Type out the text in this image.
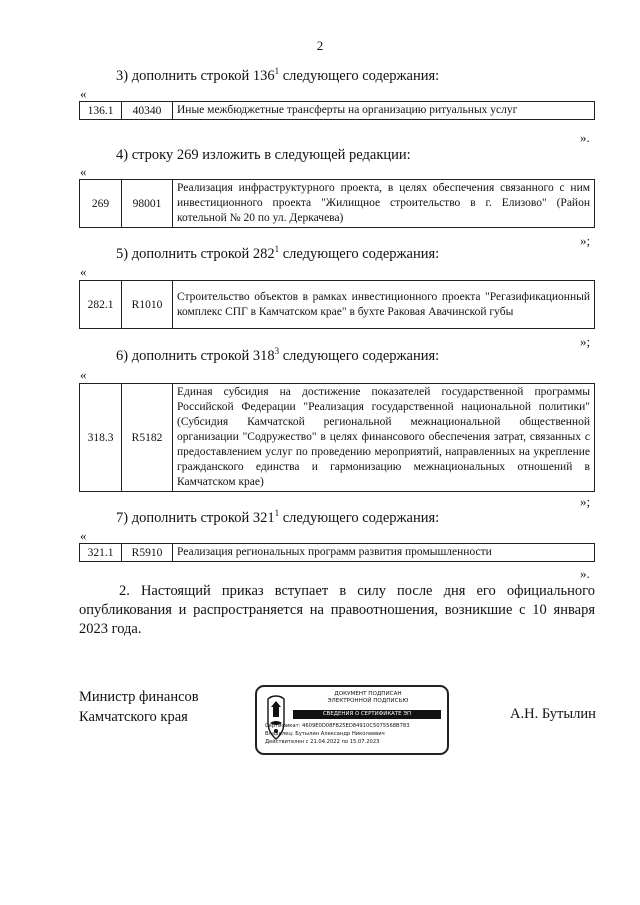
2
3) дополнить строкой $136^1$ следующего содержания:
«
136.1	40340	Иные межбюджетные трансферты на организацию ритуальных услуг
».
4) строку 269 изложить в следующей редакции:
«
269	98001	Реализация инфраструктурного проекта, в целях обеспечения связанного с ним инвестиционного проекта "Жилищное строительство в г. Елизово" (Район котельной № 20 по ул. Деркачева)
»;
5) дополнить строкой $282^1$ следующего содержания:
«
282.1	R1010	Строительство объектов в рамках инвестиционного проекта "Регазификационный комплекс СПГ в Камчатском крае" в бухте Раковая Авачинской губы
»;
6) дополнить строкой $318^3$ следующего содержания:
«
318.3	R5182	Единая субсидия на достижение показателей государственной программы Российской Федерации "Реализация государственной национальной политики" (Субсидия Камчатской региональной межнациональной общественной организации "Содружество" в целях финансового обеспечения затрат, связанных с предоставлением услуг по проведению мероприятий, направленных на укрепление гражданского единства и гармонизацию межнациональных отношений в Камчатском крае)
»;
7) дополнить строкой $321^1$ следующего содержания:
«
321.1	R5910	Реализация региональных программ развития промышленности
».
2. Настоящий приказ вступает в силу после дня его официального опубликования и распространяется на правоотношения, возникшие с 10 января 2023 года.
Министр финансов
Камчатского края
ДОКУМЕНТ ПОДПИСАН
ЭЛЕКТРОННОЙ ПОДПИСЬЮ
СВЕДЕНИЯ О СЕРТИФИКАТЕ ЭП
Сертификат: 4609E0D08FB25ED84910C5075568B783
Владелец: Бутылин Александр Николаевич
Действителен с 21.04.2022 по 15.07.2023
А.Н. Бутылин
